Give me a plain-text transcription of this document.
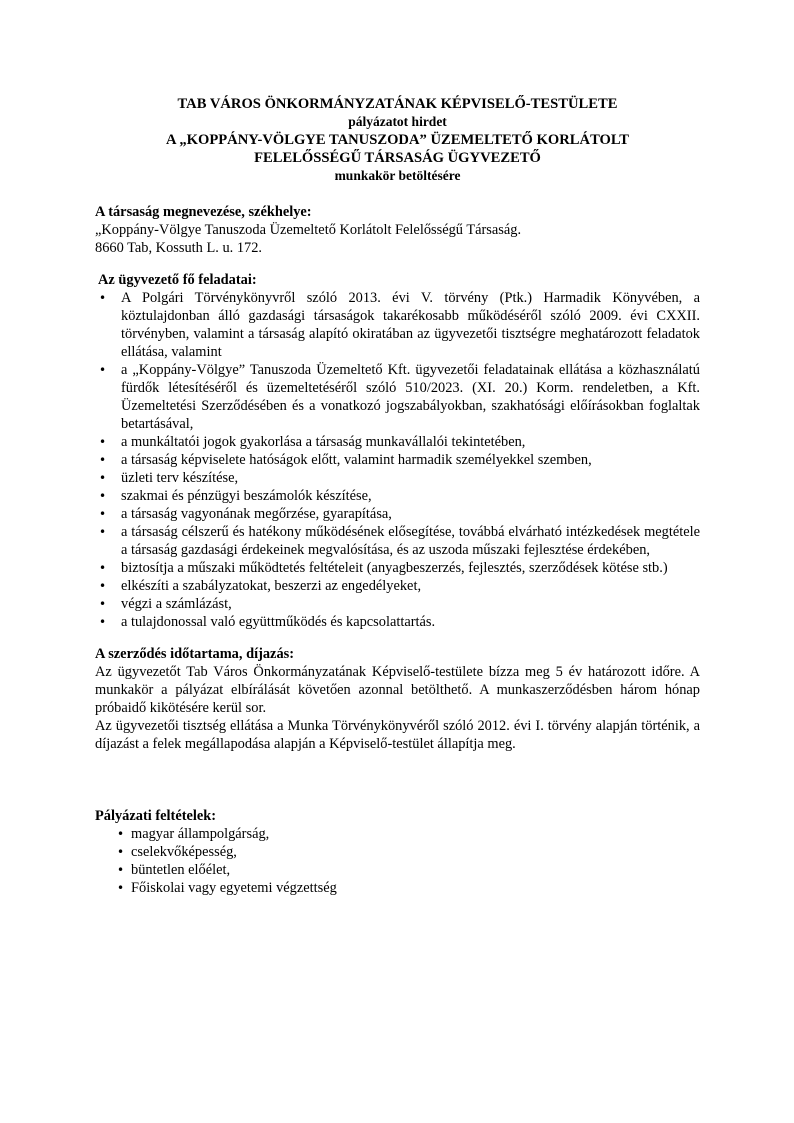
TAB VÁROS ÖNKORMÁNYZATÁNAK KÉPVISELŐ-TESTÜLETE
pályázatot hirdet
A „KOPPÁNY-VÖLGYE TANUSZODA” ÜZEMELTETŐ KORLÁTOLT
FELELŐSSÉGŰ TÁRSASÁG ÜGYVEZETŐ
munkakör betöltésére

A társaság megnevezése, székhelye:

„Koppány-Völgye Tanuszoda Üzemeltető Korlátolt Felelősségű Társaság.

8660 Tab, Kossuth L. u. 172.

Az ügyvezető fő feladatai:

• A Polgári Törvénykönyvről szóló 2013. évi V. törvény (Ptk.) Harmadik Könyvében, a köztulajdonban álló gazdasági társaságok takarékosabb működéséről szóló 2009. évi CXXII. törvényben, valamint a társaság alapító okiratában az ügyvezetői tisztségre meghatározott feladatok ellátása, valamint
• a „Koppány-Völgye” Tanuszoda Üzemeltető Kft. ügyvezetői feladatainak ellátása a közhasználatú fürdők létesítéséről és üzemeltetéséről szóló 510/2023. (XI. 20.) Korm. rendeletben, a Kft. Üzemeltetési Szerződésében és a vonatkozó jogszabályokban, szakhatósági előírásokban foglaltak betartásával,
• a munkáltatói jogok gyakorlása a társaság munkavállalói tekintetében,
• a társaság képviselete hatóságok előtt, valamint harmadik személyekkel szemben,
• üzleti terv készítése,
• szakmai és pénzügyi beszámolók készítése,
• a társaság vagyonának megőrzése, gyarapítása,
• a társaság célszerű és hatékony működésének elősegítése, továbbá elvárható intézkedések megtétele a társaság gazdasági érdekeinek megvalósítása, és az uszoda műszaki fejlesztése érdekében,
• biztosítja a műszaki működtetés feltételeit (anyagbeszerzés, fejlesztés, szerződések kötése stb.)
• elkészíti a szabályzatokat, beszerzi az engedélyeket,
• végzi a számlázást,
• a tulajdonossal való együttműködés és kapcsolattartás.

A szerződés időtartama, díjazás:

Az ügyvezetőt Tab Város Önkormányzatának Képviselő-testülete bízza meg 5 év határozott időre. A munkakör a pályázat elbírálását követően azonnal betölthető. A munkaszerződésben három hónap próbaidő kikötésére kerül sor.

Az ügyvezetői tisztség ellátása a Munka Törvénykönyvéről szóló 2012. évi I. törvény alapján történik, a díjazást a felek megállapodása alapján a Képviselő-testület állapítja meg.

Pályázati feltételek:

• magyar állampolgárság,
• cselekvőképesség,
• büntetlen előélet,
• Főiskolai vagy egyetemi végzettség
